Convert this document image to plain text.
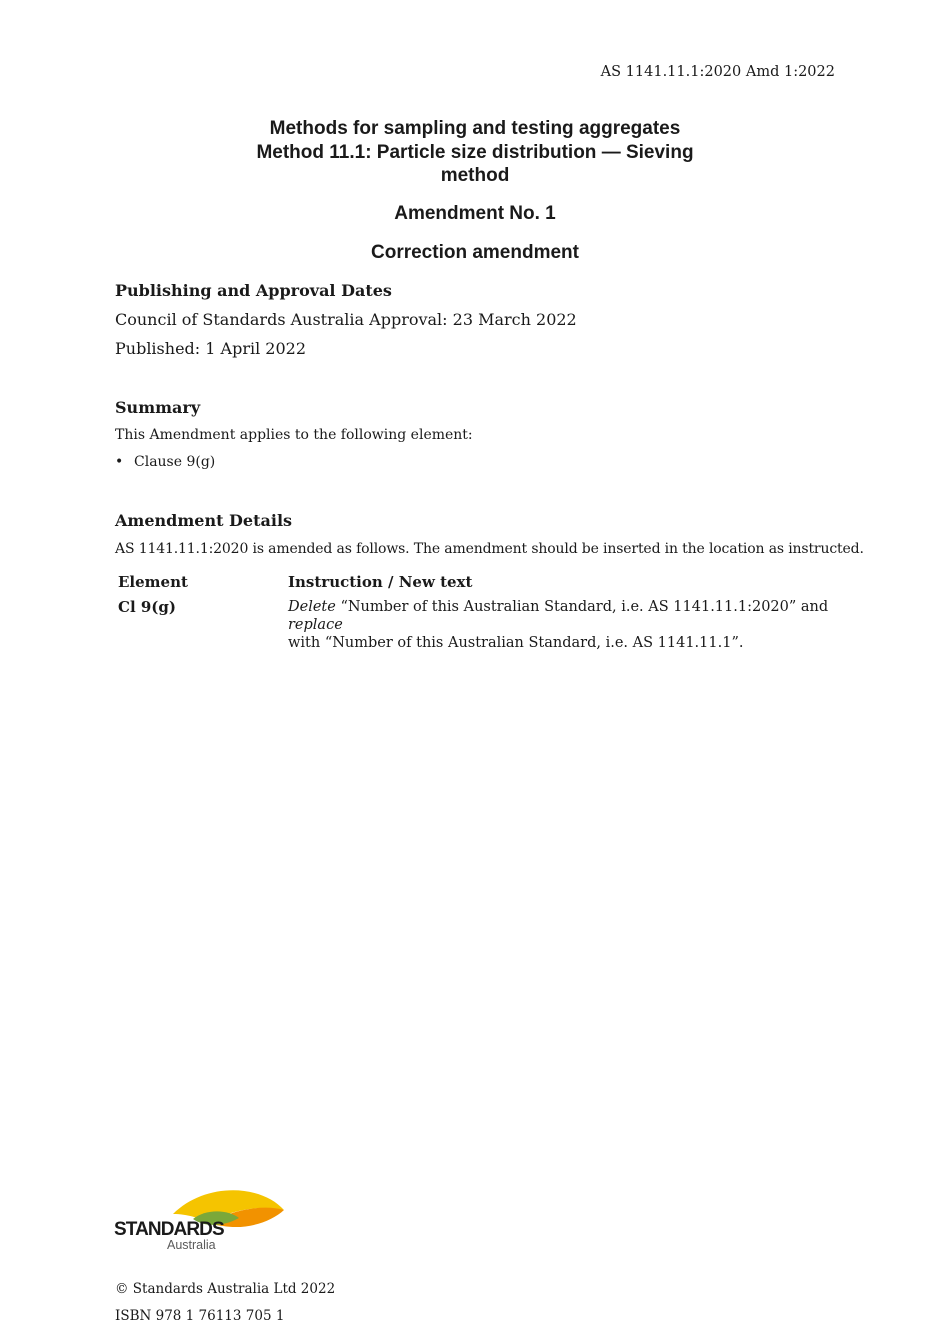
AS 1141.11.1:2020 Amd 1:2022
Methods for sampling and testing aggregates
Method 11.1: Particle size distribution — Sieving
method
Amendment No. 1
Correction amendment
Publishing and Approval Dates
Council of Standards Australia Approval: 23 March 2022
Published: 1 April 2022
Summary
This Amendment applies to the following element:
• Clause 9(g)
Amendment Details
AS 1141.11.1:2020 is amended as follows. The amendment should be inserted in the location as instructed.
Element	Instruction / New text
Cl 9(g)	Delete “Number of this Australian Standard, i.e. AS 1141.11.1:2020” and replace
with “Number of this Australian Standard, i.e. AS 1141.11.1”.
STANDARDS
Australia
© Standards Australia Ltd 2022
ISBN 978 1 76113 705 1
